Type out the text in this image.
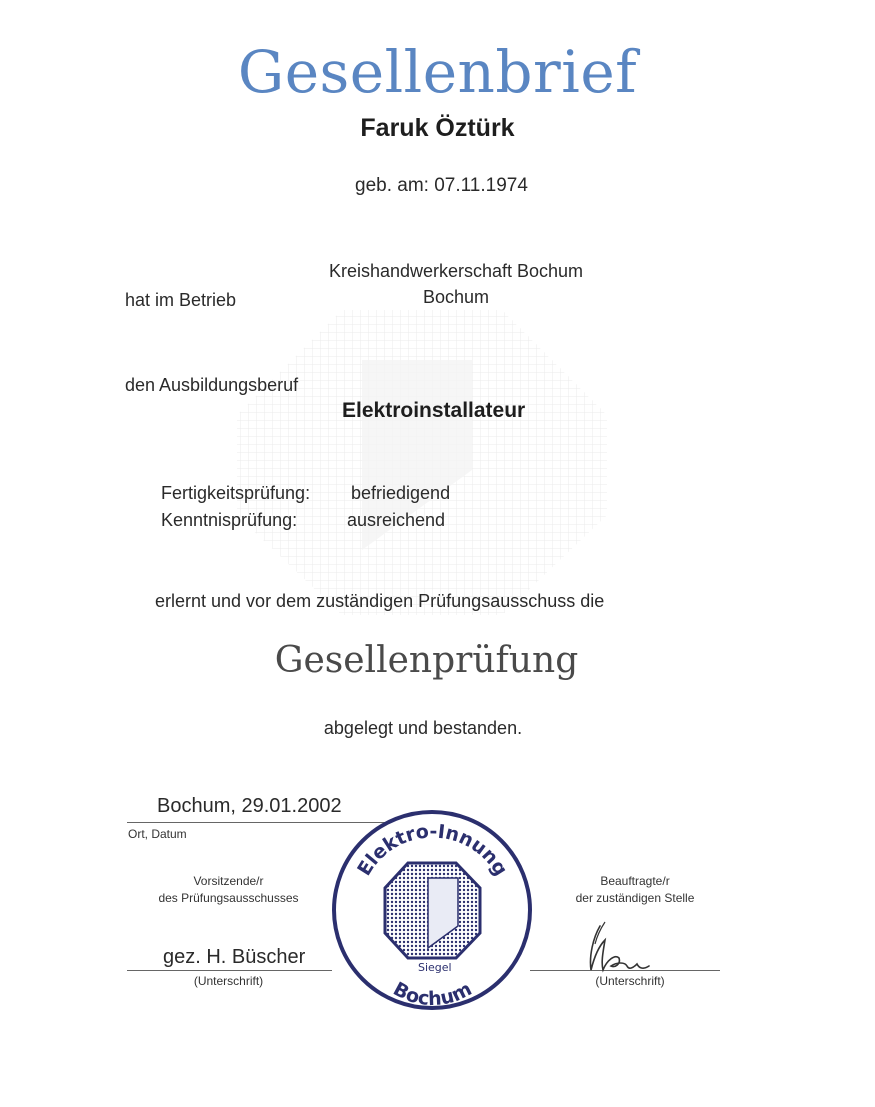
Gesellenbrief
Faruk Öztürk
geb. am: 07.11.1974
Kreishandwerkerschaft Bochum
Bochum
hat im Betrieb
den Ausbildungsberuf
Elektroinstallateur
Fertigkeitsprüfung: befriedigend
Kenntnisprüfung:	ausreichend
erlernt und vor dem zuständigen Prüfungsausschuss die
Gesellenprüfung
abgelegt und bestanden.
Bochum, 29.01.2002
Ort, Datum
Vorsitzende/r
des Prüfungsausschusses
Beauftragte/r
der zuständigen Stelle
gez. H. Büscher
(Unterschrift)	(Unterschrift)
Elektro-Innung
Siegel
Bochum
